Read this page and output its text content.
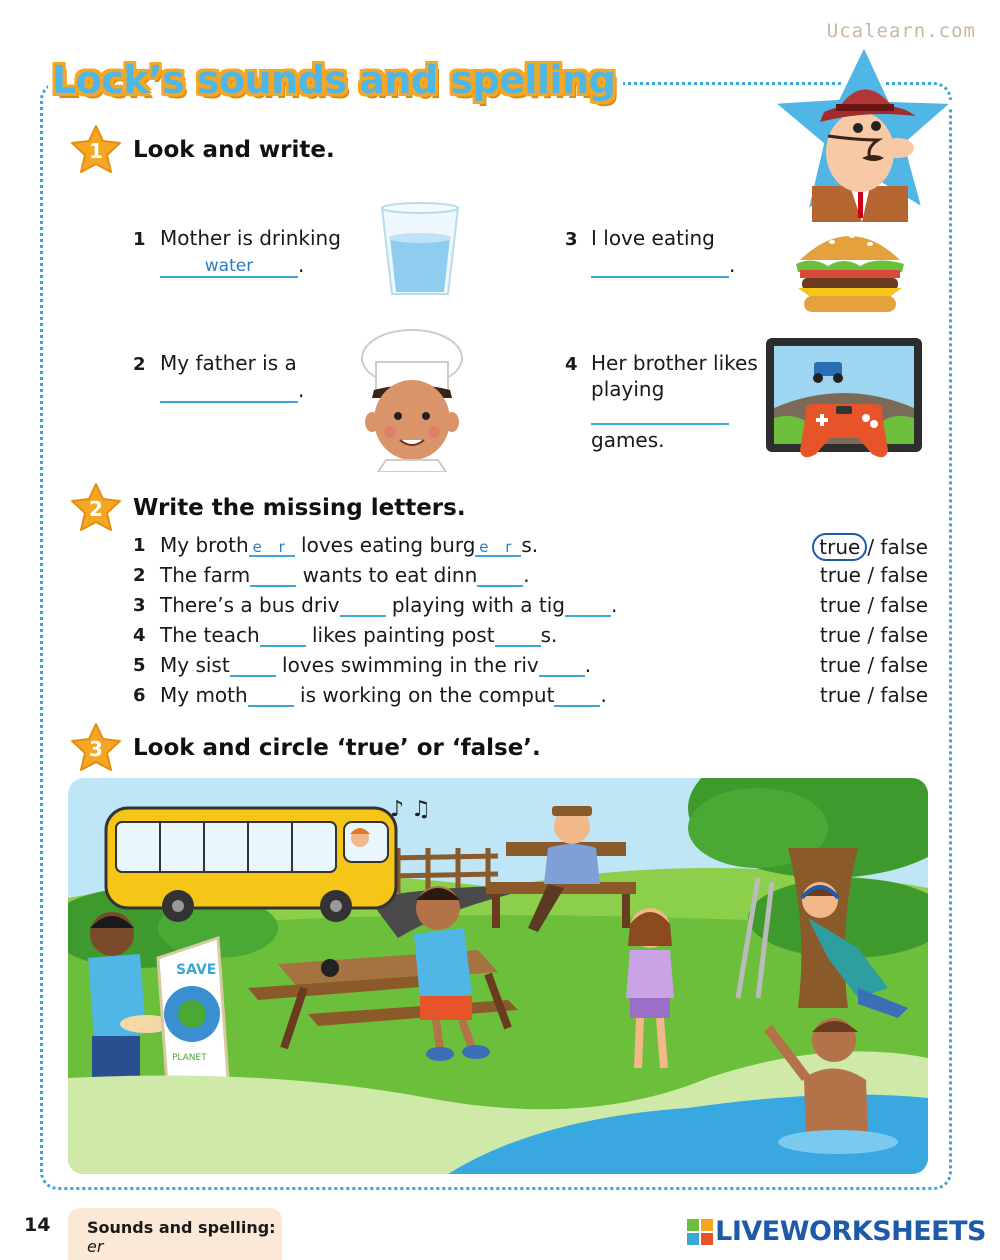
Ucalearn.com
Lock’s sounds and spelling
1 Look and write.
1 Mother is drinking
water .
2 My father is a
.
3 I love eating
.
4 Her brother likes
playing
games.
2 Write the missing letters.
1 My broth e r loves eating burg e r s.	true / false
2 The farm	wants to eat dinn .	true / false
3 There’s a bus driv	playing with a tig .	true / false
4 The teach	likes painting post s.	true / false
5 My sist	loves swimming in the riv .	true / false
6 My moth	is working on the comput .	true / false
3 Look and circle ‘true’ or ‘false’.
♪ ♫
SAVE
PLANET
14	Sounds and spelling: er	LIVEWORKSHEETS
